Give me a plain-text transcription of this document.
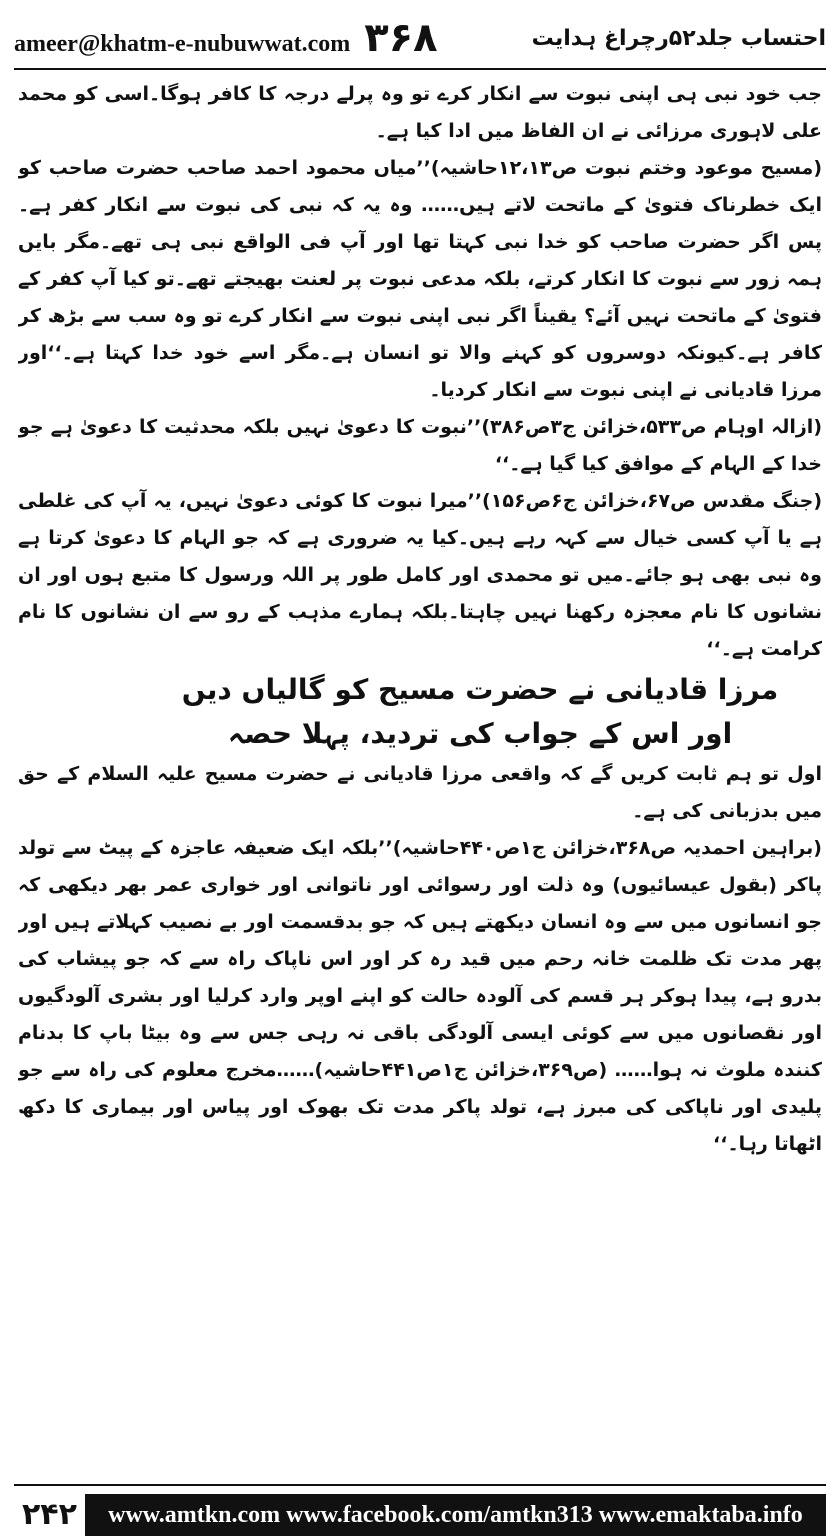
ameer@khatm-e-nubuwwat.com ۳۶۸	احتساب جلد۵۲رچراغ ہدایت

جب خود نبی ہی اپنی نبوت سے انکار کرے تو وہ پرلے درجہ کا کافر ہوگا۔اسی کو محمد علی لاہوری مرزائی نے ان الفاظ میں ادا کیا ہے۔

(مسیح موعود وختم نبوت ص۱۲،۱۳حاشیہ)’’میاں محمود احمد صاحب حضرت صاحب کو ایک خطرناک فتویٰ کے ماتحت لاتے ہیں…… وہ یہ کہ نبی کی نبوت سے انکار کفر ہے۔پس اگر حضرت صاحب کو خدا نبی کہتا تھا اور آپ فی الواقع نبی ہی تھے۔مگر بایں ہمہ زور سے نبوت کا انکار کرتے، بلکہ مدعی نبوت پر لعنت بھیجتے تھے۔تو کیا آپ کفر کے فتویٰ کے ماتحت نہیں آئے؟ یقیناً اگر نبی اپنی نبوت سے انکار کرے تو وہ سب سے بڑھ کر کافر ہے۔کیونکہ دوسروں کو کہنے والا تو انسان ہے۔مگر اسے خود خدا کہتا ہے۔‘‘اور مرزا قادیانی نے اپنی نبوت سے انکار کردیا۔

(ازالہ اوہام ص۵۳۳،خزائن ج۳ص۳۸۶)’’نبوت کا دعویٰ نہیں بلکہ محدثیت کا دعویٰ ہے جو خدا کے الہام کے موافق کیا گیا ہے۔‘‘

(جنگ مقدس ص۶۷،خزائن ج۶ص۱۵۶)’’میرا نبوت کا کوئی دعویٰ نہیں، یہ آپ کی غلطی ہے یا آپ کسی خیال سے کہہ رہے ہیں۔کیا یہ ضروری ہے کہ جو الہام کا دعویٰ کرتا ہے وہ نبی بھی ہو جائے۔میں تو محمدی اور کامل طور پر اللہ ورسول کا متبع ہوں اور ان نشانوں کا نام معجزہ رکھنا نہیں چاہتا۔بلکہ ہمارے مذہب کے رو سے ان نشانوں کا نام کرامت ہے۔‘‘

مرزا قادیانی نے حضرت مسیح کو گالیاں دیں

اور اس کے جواب کی تردید، پہلا حصہ

اول تو ہم ثابت کریں گے کہ واقعی مرزا قادیانی نے حضرت مسیح علیہ السلام کے حق میں بدزبانی کی ہے۔

(براہین احمدیہ ص۳۶۸،خزائن ج۱ص۴۴۰حاشیہ)’’بلکہ ایک ضعیفہ عاجزہ کے پیٹ سے تولد پاکر (بقول عیسائیوں) وہ ذلت اور رسوائی اور ناتوانی اور خواری عمر بھر دیکھی کہ جو انسانوں میں سے وہ انسان دیکھتے ہیں کہ جو بدقسمت اور بے نصیب کہلاتے ہیں اور پھر مدت تک ظلمت خانہ رحم میں قید رہ کر اور اس ناپاک راہ سے کہ جو پیشاب کی بدرو ہے، پیدا ہوکر ہر قسم کی آلودہ حالت کو اپنے اوپر وارد کرلیا اور بشری آلودگیوں اور نقصانوں میں سے کوئی ایسی آلودگی باقی نہ رہی جس سے وہ بیٹا باپ کا بدنام کنندہ ملوث نہ ہوا…… (ص۳۶۹،خزائن ج۱ص۴۴۱حاشیہ)……مخرج معلوم کی راہ سے جو پلیدی اور ناپاکی کی مبرز ہے، تولد پاکر مدت تک بھوک اور پیاس اور بیماری کا دکھ اٹھاتا رہا۔‘‘

۲۴۲	www.amtkn.com www.facebook.com/amtkn313 www.emaktaba.info
